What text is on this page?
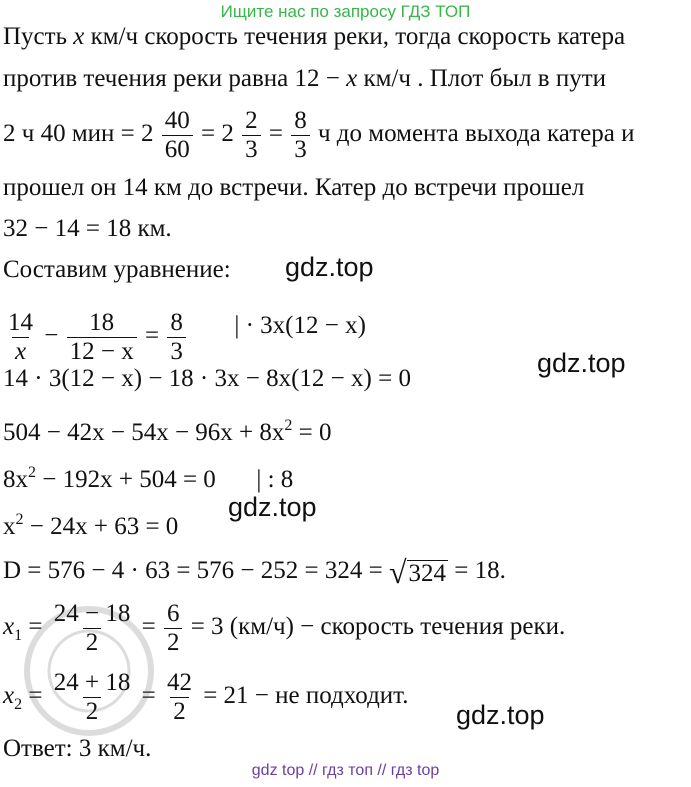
Ищите нас по запросу ГДЗ ТОП
Пусть x км/ч скорость течения реки, тогда скорость катера
против течения реки равна 12 − x км/ч . Плот был в пути
2 ч 40 мин = $2 \frac{40}{60} = 2 \frac{2}{3} = \frac{8}{3}$ ч до момента выхода катера и
прошел он 14 км до встречи. Катер до встречи прошел
32 − 14 = 18 км.
Составим уравнение:
$\frac{14}{x} - \frac{18}{12 - x} = \frac{8}{3}$ | · 3x(12 − x)
14 · 3(12 − x) − 18 · 3x − 8x(12 − x) = 0
$504 - 42x - 54x - 96x + 8x^2 = 0$
$8x^2 - 192x + 504 = 0$ | : 8
$x^2 - 24x + 63 = 0$
D = 576 − 4 · 63 = 576 − 252 = 324 = √ 324 = 18.
$x_1 = \frac{24 - 18}{2} = \frac{6}{2} = 3$ (км/ч) − скорость течения реки.
$x_2 = \frac{24 + 18}{2} = \frac{42}{2} = 21$ − не подходит.
Ответ: 3 км/ч.
gdz.top
gdz.top
gdz.top
gdz.top
gdz top // гдз топ // гдз top
